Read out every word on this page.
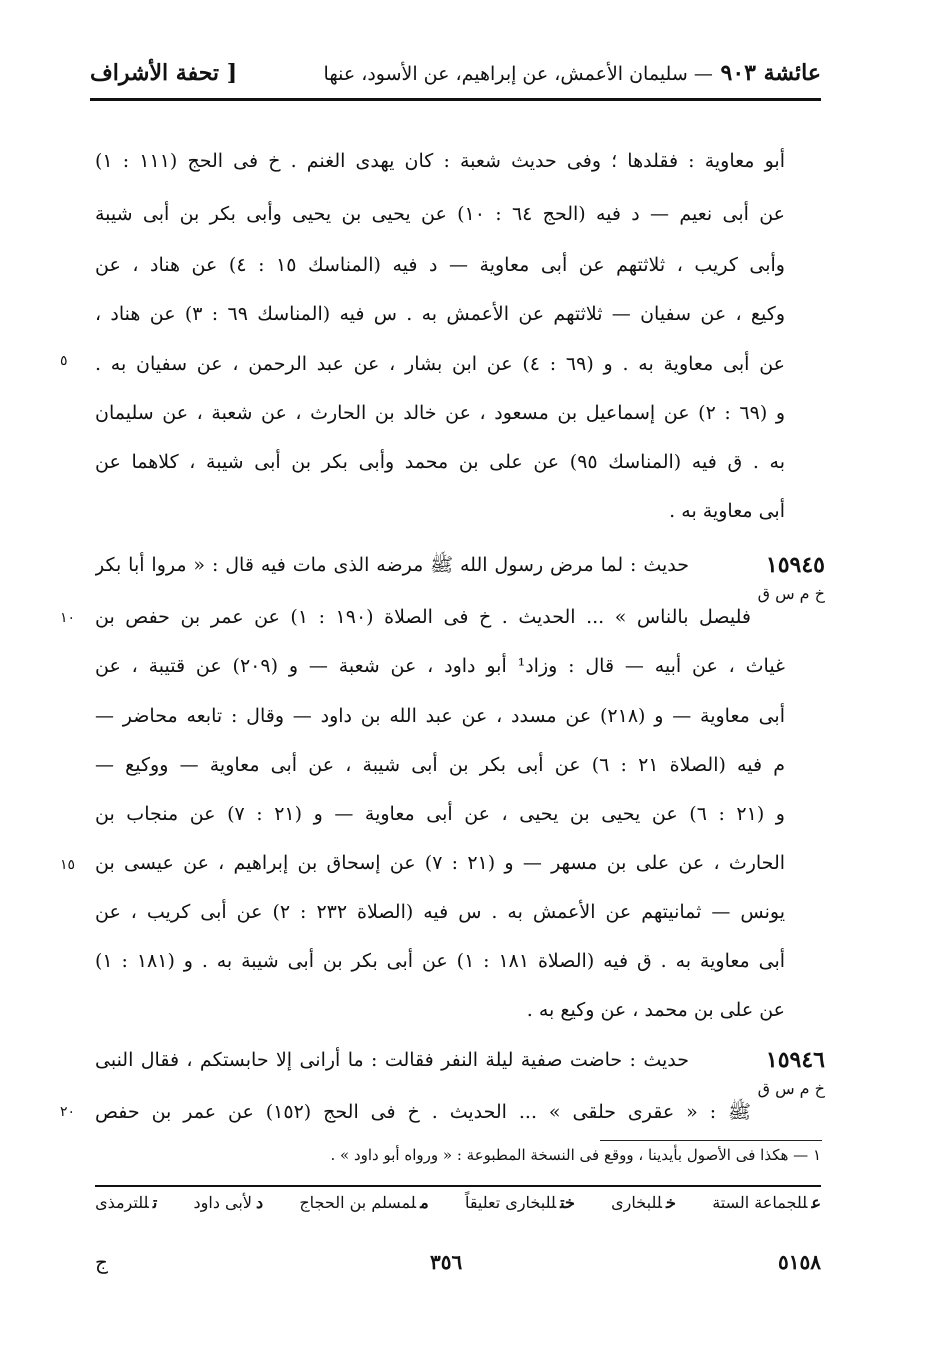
عائشة ٩٠٣ — سليمان الأعمش، عن إبراهيم، عن الأسود، عنها
[ تحفة الأشراف
أبو معاوية : فقلدها ؛ وفى حديث شعبة : كان يهدى الغنم . خ فى الحج (١١١ : ١)
عن أبى نعيم — د فيه (الحج ٦٤ : ١٠) عن يحيى بن يحيى وأبى بكر بن أبى شيبة
وأبى كريب ، ثلاثتهم عن أبى معاوية — د فيه (المناسك ١٥ : ٤) عن هناد ، عن
وكيع ، عن سفيان — ثلاثتهم عن الأعمش به . س فيه (المناسك ٦٩ : ٣) عن هناد ،
عن أبى معاوية به . و (٦٩ : ٤) عن ابن بشار ، عن عبد الرحمن ، عن سفيان به .
و (٦٩ : ٢) عن إسماعيل بن مسعود ، عن خالد بن الحارث ، عن شعبة ، عن سليمان
به . ق فيه (المناسك ٩٥) عن على بن محمد وأبى بكر بن أبى شيبة ، كلاهما عن
أبى معاوية به .
١٥٩٤٥
حديث : لما مرض رسول الله ﷺ مرضه الذى مات فيه قال : « مروا أبا بكر
خ م س ق
فليصل بالناس » ... الحديث . خ فى الصلاة (١٩٠ : ١) عن عمر بن حفص بن
غياث ، عن أبيه — قال : وزاد¹ أبو داود ، عن شعبة — و (٢٠٩) عن قتيبة ، عن
أبى معاوية — و (٢١٨) عن مسدد ، عن عبد الله بن داود — وقال : تابعه محاضر —
م فيه (الصلاة ٢١ : ٦) عن أبى بكر بن أبى شيبة ، عن أبى معاوية — ووكيع —
و (٢١ : ٦) عن يحيى بن يحيى ، عن أبى معاوية — و (٢١ : ٧) عن منجاب بن
الحارث ، عن على بن مسهر — و (٢١ : ٧) عن إسحاق بن إبراهيم ، عن عيسى بن
يونس — ثمانيتهم عن الأعمش به . س فيه (الصلاة ٢٣٢ : ٢) عن أبى كريب ، عن
أبى معاوية به . ق فيه (الصلاة ١٨١ : ١) عن أبى بكر بن أبى شيبة به . و (١٨١ : ١)
عن على بن محمد ، عن وكيع به .
١٥٩٤٦
حديث : حاضت صفية ليلة النفر فقالت : ما أرانى إلا حابستكم ، فقال النبى
خ م س ق
ﷺ : « عقرى حلقى » ... الحديث . خ فى الحج (١٥٢) عن عمر بن حفص
٥
١٠
١٥
٢٠
١ — هكذا فى الأصول بأيدينا ، ووقع فى النسخة المطبوعة : « ورواه أبو داود » .
عللجماعة الستة
خللبخارى
ختللبخارى تعليقاً
ملمسلم بن الحجاج
دلأبى داود
تللترمذى
ج	٣٥٦	٥١٥٨
